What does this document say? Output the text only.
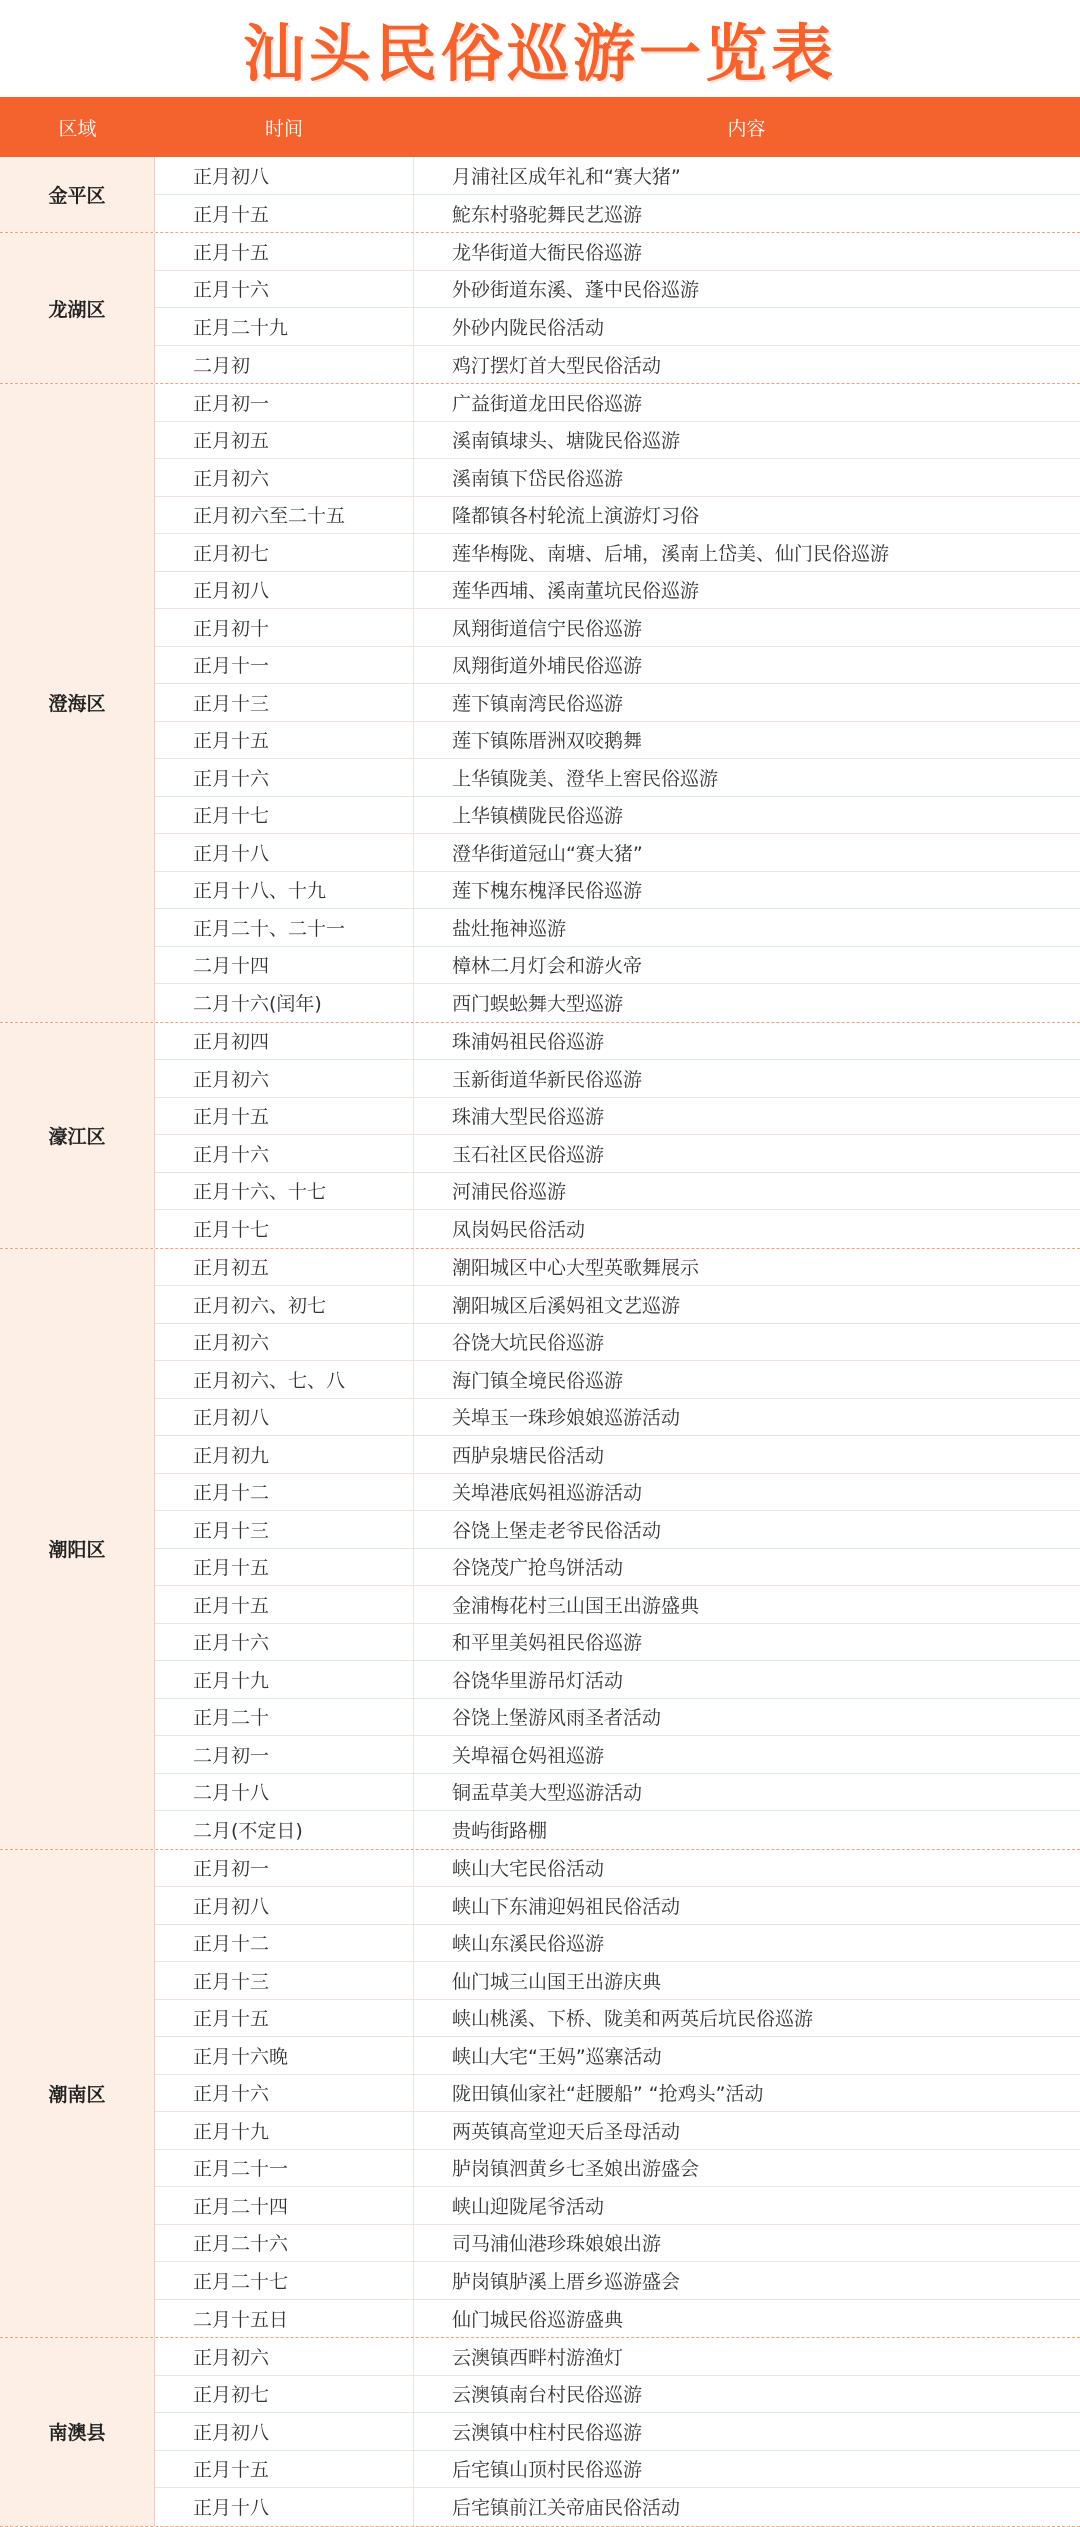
汕头民俗巡游一览表
区域	时间	内容
金平区
正月初八	月浦社区成年礼和“赛大猪”
正月十五	鮀东村骆驼舞民艺巡游
龙湖区
正月十五	龙华街道大衙民俗巡游
正月十六	外砂街道东溪、蓬中民俗巡游
正月二十九	外砂内陇民俗活动
二月初	鸡汀摆灯首大型民俗活动
澄海区
正月初一	广益街道龙田民俗巡游
正月初五	溪南镇埭头、塘陇民俗巡游
正月初六	溪南镇下岱民俗巡游
正月初六至二十五	隆都镇各村轮流上演游灯习俗
正月初七	莲华梅陇、南塘、后埔，溪南上岱美、仙门民俗巡游
正月初八	莲华西埔、溪南董坑民俗巡游
正月初十	凤翔街道信宁民俗巡游
正月十一	凤翔街道外埔民俗巡游
正月十三	莲下镇南湾民俗巡游
正月十五	莲下镇陈厝洲双咬鹅舞
正月十六	上华镇陇美、澄华上窖民俗巡游
正月十七	上华镇横陇民俗巡游
正月十八	澄华街道冠山“赛大猪”
正月十八、十九	莲下槐东槐泽民俗巡游
正月二十、二十一	盐灶拖神巡游
二月十四	樟林二月灯会和游火帝
二月十六(闰年)	西门蜈蚣舞大型巡游
濠江区
正月初四	珠浦妈祖民俗巡游
正月初六	玉新街道华新民俗巡游
正月十五	珠浦大型民俗巡游
正月十六	玉石社区民俗巡游
正月十六、十七	河浦民俗巡游
正月十七	凤岗妈民俗活动
潮阳区
正月初五	潮阳城区中心大型英歌舞展示
正月初六、初七	潮阳城区后溪妈祖文艺巡游
正月初六	谷饶大坑民俗巡游
正月初六、七、八	海门镇全境民俗巡游
正月初八	关埠玉一珠珍娘娘巡游活动
正月初九	西胪泉塘民俗活动
正月十二	关埠港底妈祖巡游活动
正月十三	谷饶上堡走老爷民俗活动
正月十五	谷饶茂广抢鸟饼活动
正月十五	金浦梅花村三山国王出游盛典
正月十六	和平里美妈祖民俗巡游
正月十九	谷饶华里游吊灯活动
正月二十	谷饶上堡游风雨圣者活动
二月初一	关埠福仓妈祖巡游
二月十八	铜盂草美大型巡游活动
二月(不定日)	贵屿街路棚
潮南区
正月初一	峡山大宅民俗活动
正月初八	峡山下东浦迎妈祖民俗活动
正月十二	峡山东溪民俗巡游
正月十三	仙门城三山国王出游庆典
正月十五	峡山桃溪、下桥、陇美和两英后坑民俗巡游
正月十六晚	峡山大宅“王妈”巡寨活动
正月十六	陇田镇仙家社“赶腰船” “抢鸡头”活动
正月十九	两英镇高堂迎天后圣母活动
正月二十一	胪岗镇泗黄乡七圣娘出游盛会
正月二十四	峡山迎陇尾爷活动
正月二十六	司马浦仙港珍珠娘娘出游
正月二十七	胪岗镇胪溪上厝乡巡游盛会
二月十五日	仙门城民俗巡游盛典
南澳县
正月初六	云澳镇西畔村游渔灯
正月初七	云澳镇南台村民俗巡游
正月初八	云澳镇中柱村民俗巡游
正月十五	后宅镇山顶村民俗巡游
正月十八	后宅镇前江关帝庙民俗活动
